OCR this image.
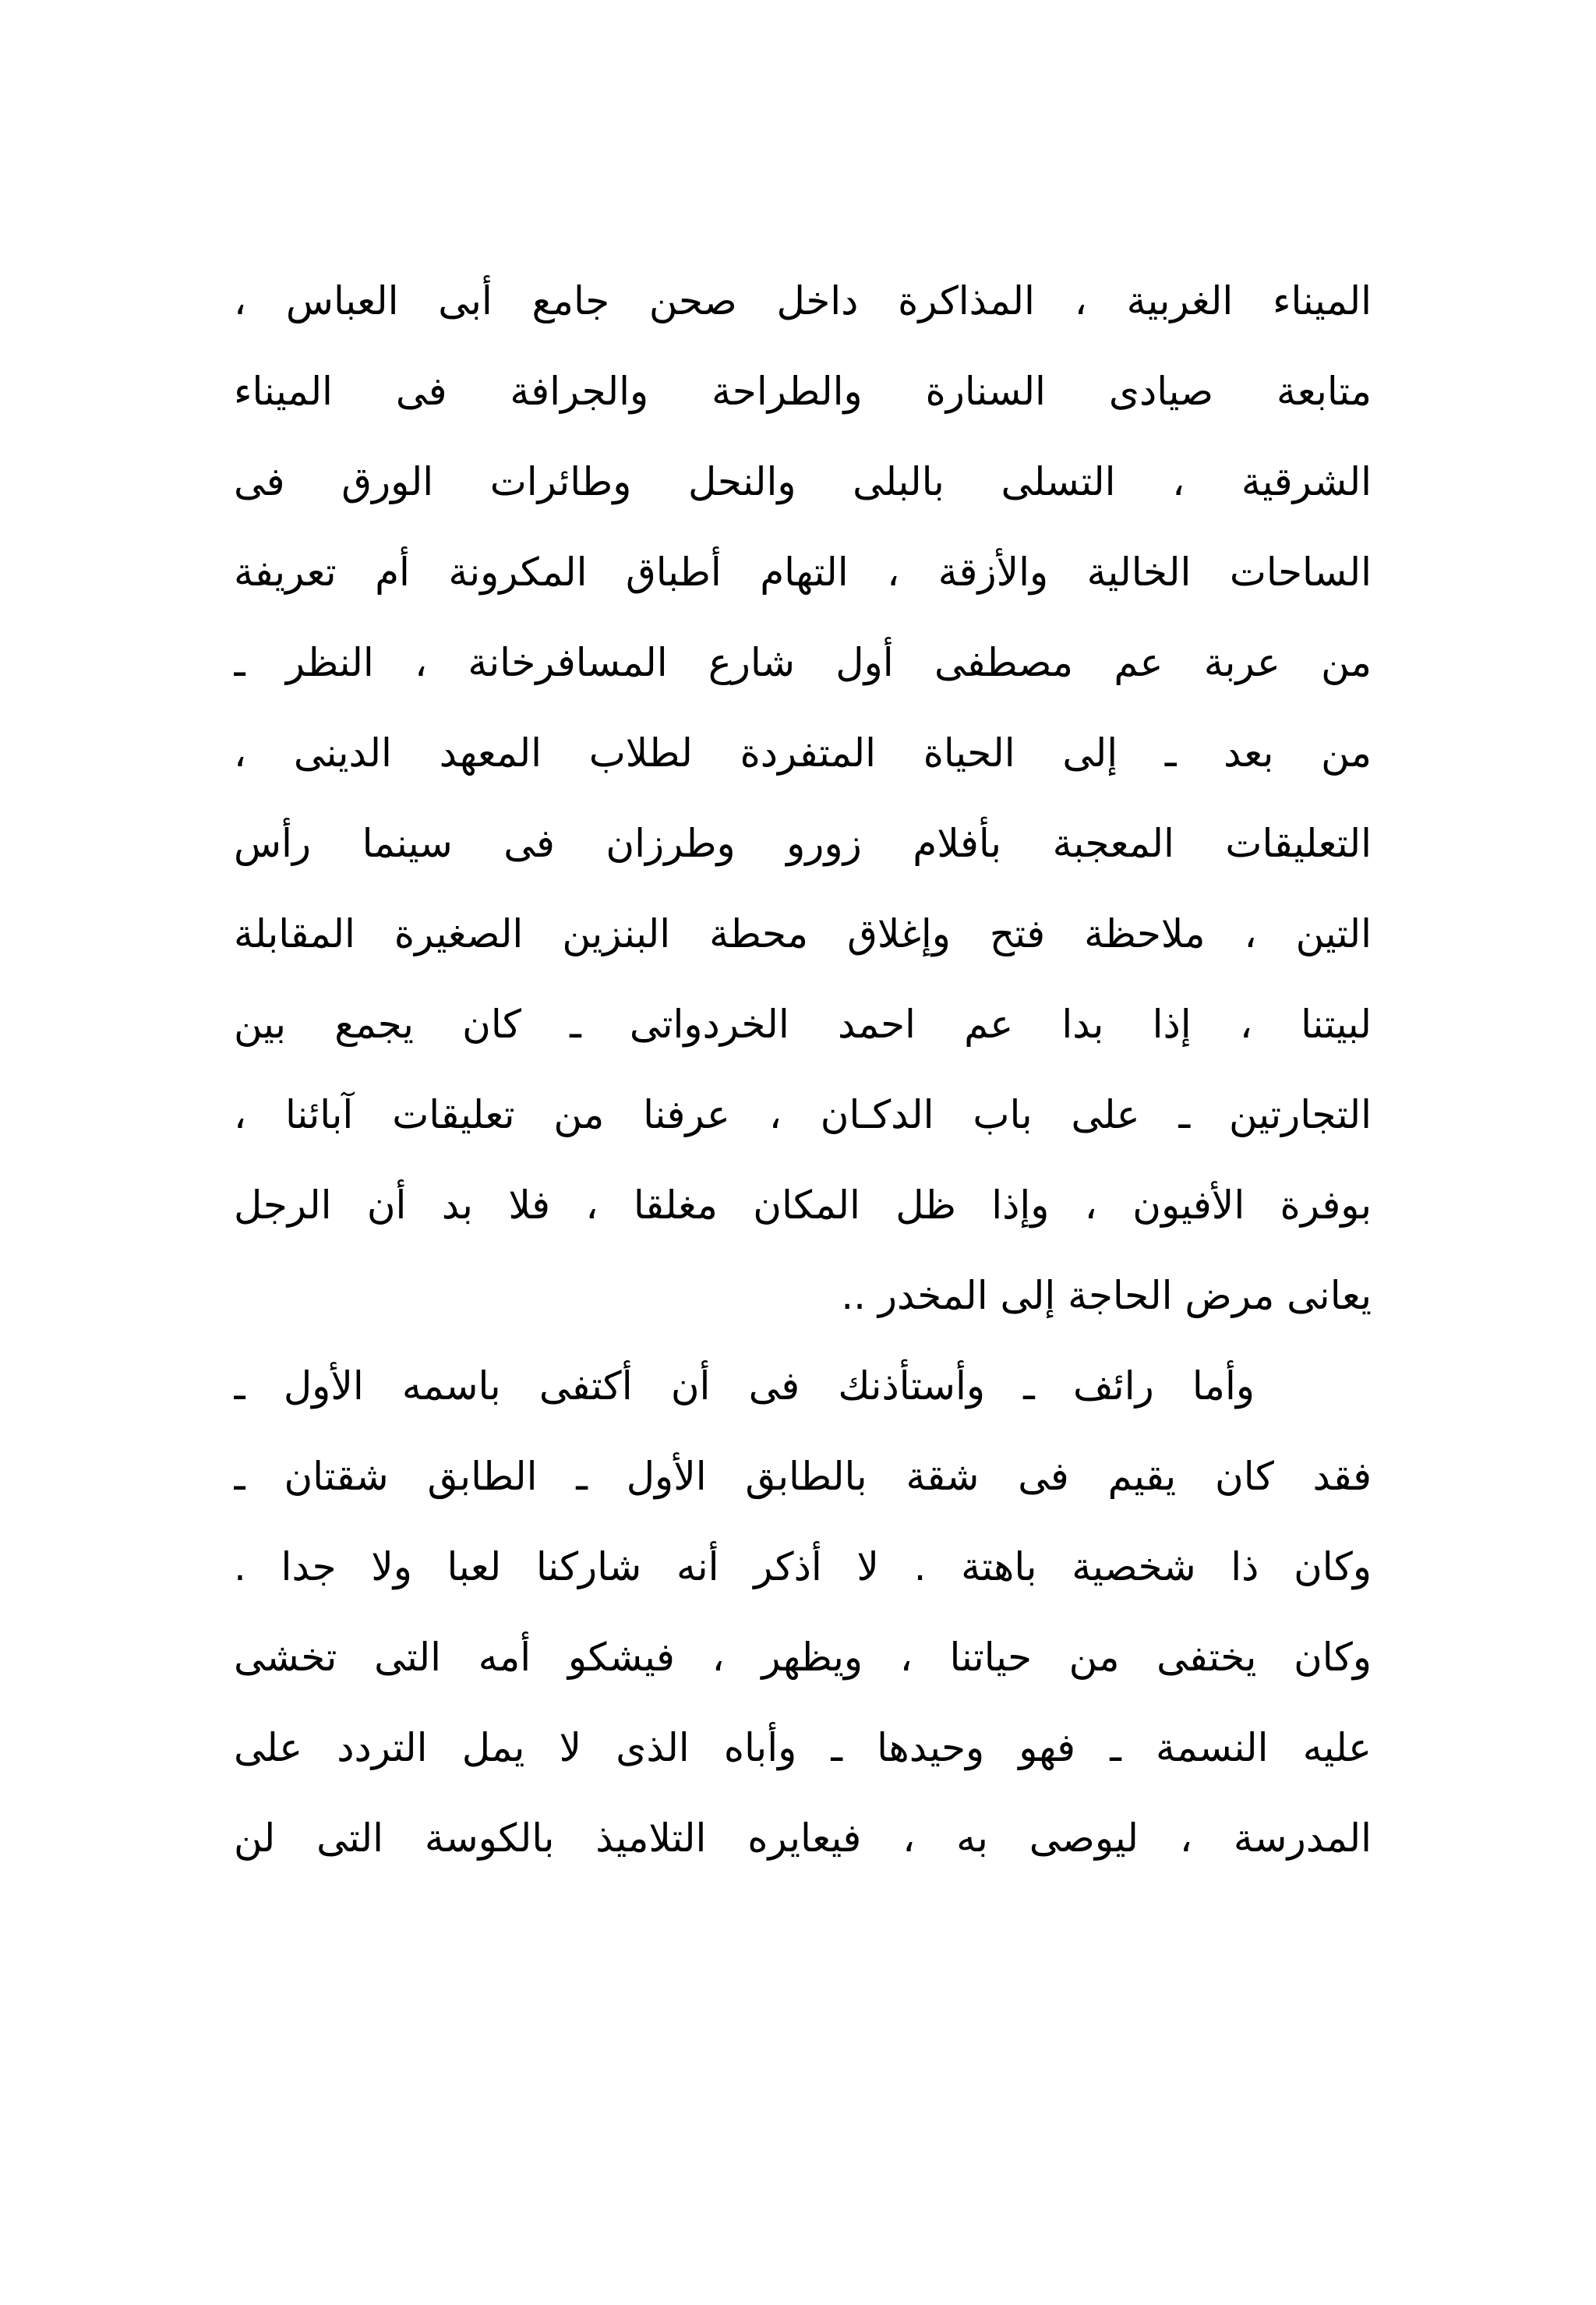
الميناء الغربية ، المذاكرة داخل صحن جامع أبى العباس ،
متابعة صيادى السنارة والطراحة والجرافة فى الميناء
الشرقية ، التسلى بالبلى والنحل وطائرات الورق فى
الساحات الخالية والأزقة ، التهام أطباق المكرونة أم تعريفة
من عربة عم مصطفى أول شارع المسافرخانة ، النظر ـ
من بعد ـ إلى الحياة المتفردة لطلاب المعهد الدينى ،
التعليقات المعجبة بأفلام زورو وطرزان فى سينما رأس
التين ، ملاحظة فتح وإغلاق محطة البنزين الصغيرة المقابلة
لبيتنا ، إذا بدا عم احمد الخردواتى ـ كان يجمع بين
التجارتين ـ على باب الدكـان ، عرفنا من تعليقات آبائنا ،
بوفرة الأفيون ، وإذا ظل المكان مغلقا ، فلا بد أن الرجل
يعانى مرض الحاجة إلى المخدر ..
وأما رائف ـ وأستأذنك فى أن أكتفى باسمه الأول ـ
فقد كان يقيم فى شقة بالطابق الأول ـ الطابق شقتان ـ
وكان ذا شخصية باهتة . لا أذكر أنه شاركنا لعبا ولا جدا .
وكان يختفى من حياتنا ، ويظهر ، فيشكو أمه التى تخشى
عليه النسمة ـ فهو وحيدها ـ وأباه الذى لا يمل التردد على
المدرسة ، ليوصى به ، فيعايره التلاميذ بالكوسة التى لن
